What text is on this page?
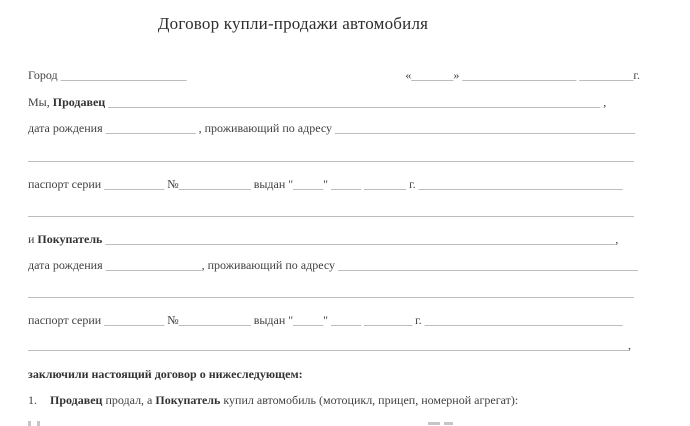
Договор купли-продажи автомобиля
Город _____________________	«_______» ___________________ _________г.
Мы, Продавец __________________________________________________________________________________ ,
дата рождения _______________ , проживающий по адресу __________________________________________________
_____________________________________________________________________________________________________
паспорт серии __________ №____________ выдан "_____" _____ _______ г. __________________________________
_____________________________________________________________________________________________________
и Покупатель _____________________________________________________________________________________,
дата рождения ________________, проживающий по адресу __________________________________________________
_____________________________________________________________________________________________________
паспорт серии __________ №____________ выдан "_____" _____ ________ г. _________________________________
____________________________________________________________________________________________________,
заключили настоящий договор о нижеследующем:
1. Продавец продал, а Покупатель купил автомобиль (мотоцикл, прицеп, номерной агрегат):
